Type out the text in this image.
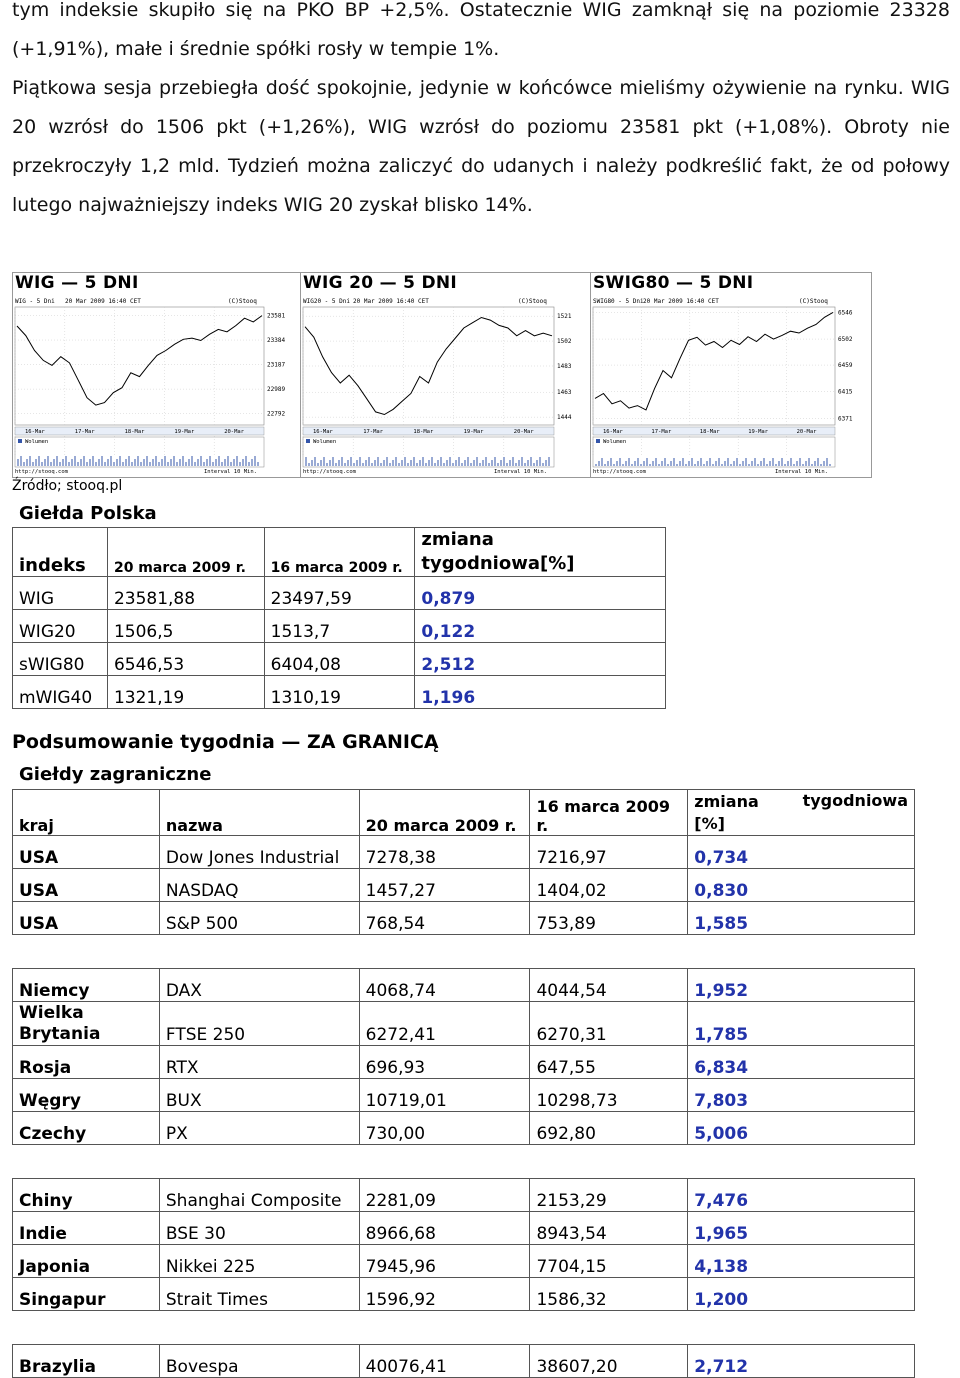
tym indeksie skupiło się na PKO BP +2,5%. Ostatecznie WIG zamknął się na poziomie 23328 (+1,91%), małe i średnie spółki rosły w tempie 1%.

Piątkowa sesja przebiegła dość spokojnie, jedynie w końcówce mieliśmy ożywienie na rynku. WIG 20 wzrósł do 1506 pkt (+1,26%), WIG wzrósł do poziomu 23581 pkt (+1,08%). Obroty nie przekroczyły 1,2 mld. Tydzień można zaliczyć do udanych i należy podkreślić fakt, że od połowy lutego najważniejszy indeks WIG 20 zyskał blisko 14%.

WIG — 5 DNI
WIG - 5 Dni 20 Mar 2009 16:40 CET	(C)Stooq
23581
23384
23187
22989
22792
16-Mar	17-Mar	18-Mar	19-Mar	20-Mar
Wolumen
http://stooq.com	Interval 10 Min.
WIG 20 — 5 DNI
WIG20 - 5 Dni 20 Mar 2009 16:40 CET	(C)Stooq
1521
1502
1483
1463
1444
16-Mar	17-Mar	18-Mar	19-Mar	20-Mar
Wolumen
http://stooq.com	Interval 10 Min.
SWIG80 — 5 DNI
SWIG80 - 5 Dni 20 Mar 2009 16:40 CET	(C)Stooq
6546
6502
6459
6415
6371
16-Mar	17-Mar	18-Mar	19-Mar	20-Mar
Wolumen
http://stooq.com	Interval 10 Min.
Źródło; stooq.pl
Giełda Polska
indeks	20 marca 2009 r.	16 marca 2009 r.	zmiana
tygodniowa[%]
WIG	23581,88	23497,59	0,879
WIG20	1506,5	1513,7	0,122
sWIG80	6546,53	6404,08	2,512
mWIG40	1321,19	1310,19	1,196
Podsumowanie tygodnia — ZA GRANICĄ
Giełdy zagraniczne
kraj	nazwa	20 marca 2009 r.	16 marca 2009 r.	zmiana tygodniowa

[%]
USA	Dow Jones Industrial	7278,38	7216,97	0,734
USA	NASDAQ	1457,27	1404,02	0,830
USA	S&P 500	768,54	753,89	1,585

Niemcy	DAX	4068,74	4044,54	1,952
Wielka Brytania	FTSE 250	6272,41	6270,31	1,785
Rosja	RTX	696,93	647,55	6,834
Węgry	BUX	10719,01	10298,73	7,803
Czechy	PX	730,00	692,80	5,006

Chiny	Shanghai Composite	2281,09	2153,29	7,476
Indie	BSE 30	8966,68	8943,54	1,965
Japonia	Nikkei 225	7945,96	7704,15	4,138
Singapur	Strait Times	1596,92	1586,32	1,200

Brazylia	Bovespa	40076,41	38607,20	2,712
